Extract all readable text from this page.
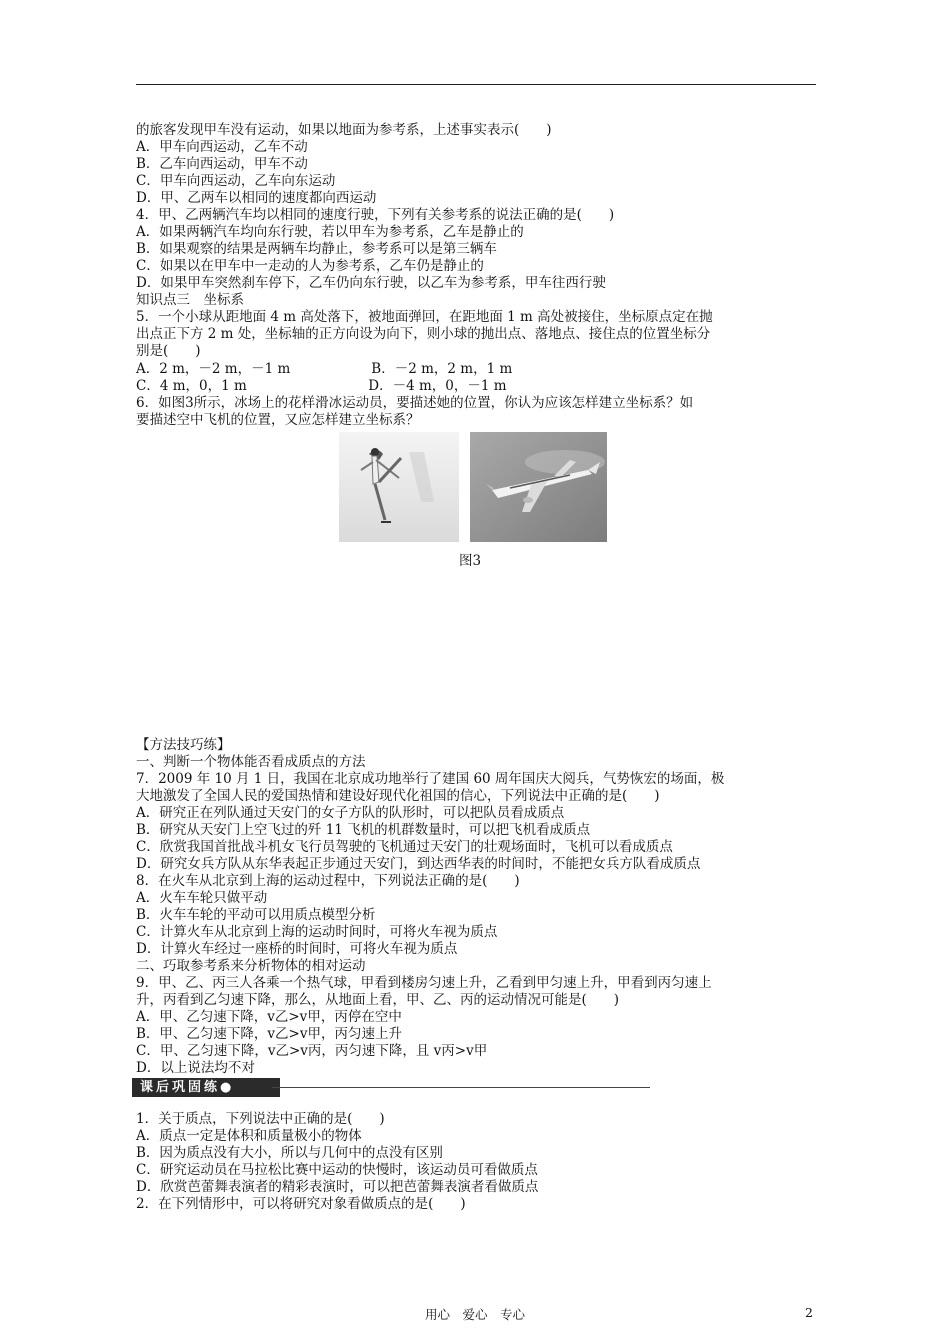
的旅客发现甲车没有运动，如果以地面为参考系，上述事实表示(　　)
A．甲车向西运动，乙车不动
B．乙车向西运动，甲车不动
C．甲车向西运动，乙车向东运动
D．甲、乙两车以相同的速度都向西运动
4．甲、乙两辆汽车均以相同的速度行驶，下列有关参考系的说法正确的是(　　)
A．如果两辆汽车均向东行驶，若以甲车为参考系，乙车是静止的
B．如果观察的结果是两辆车均静止，参考系可以是第三辆车
C．如果以在甲车中一走动的人为参考系，乙车仍是静止的
D．如果甲车突然刹车停下，乙车仍向东行驶，以乙车为参考系，甲车往西行驶
知识点三　坐标系
5．一个小球从距地面 4 m 高处落下，被地面弹回，在距地面 1 m 高处被接住，坐标原点定在抛
出点正下方 2 m 处，坐标轴的正方向设为向下，则小球的抛出点、落地点、接住点的位置坐标分
别是(　　)
A．2 m，－2 m，－1 m　　　　　　B．－2 m，2 m，1 m
C．4 m，0，1 m　　　　　　　　　D．－4 m，0，－1 m
6．如图3所示，冰场上的花样滑冰运动员，要描述她的位置，你认为应该怎样建立坐标系？如
要描述空中飞机的位置，又应怎样建立坐标系？
图3
【方法技巧练】
一、判断一个物体能否看成质点的方法
7．2009 年 10 月 1 日，我国在北京成功地举行了建国 60 周年国庆大阅兵，气势恢宏的场面，极
大地激发了全国人民的爱国热情和建设好现代化祖国的信心，下列说法中正确的是(　　)
A．研究正在列队通过天安门的女子方队的队形时，可以把队员看成质点
B．研究从天安门上空飞过的歼 11 飞机的机群数量时，可以把飞机看成质点
C．欣赏我国首批战斗机女飞行员驾驶的飞机通过天安门的壮观场面时，飞机可以看成质点
D．研究女兵方队从东华表起正步通过天安门，到达西华表的时间时，不能把女兵方队看成质点
8．在火车从北京到上海的运动过程中，下列说法正确的是(　　)
A．火车车轮只做平动
B．火车车轮的平动可以用质点模型分析
C．计算火车从北京到上海的运动时间时，可将火车视为质点
D．计算火车经过一座桥的时间时，可将火车视为质点
二、巧取参考系来分析物体的相对运动
9．甲、乙、丙三人各乘一个热气球，甲看到楼房匀速上升，乙看到甲匀速上升，甲看到丙匀速上
升，丙看到乙匀速下降，那么，从地面上看，甲、乙、丙的运动情况可能是(　　)
A．甲、乙匀速下降，v乙>v甲，丙停在空中
B．甲、乙匀速下降，v乙>v甲，丙匀速上升
C．甲、乙匀速下降，v乙>v丙，丙匀速下降，且 v丙>v甲
D．以上说法均不对
课后巩固练●
1．关于质点，下列说法中正确的是(　　)
A．质点一定是体积和质量极小的物体
B．因为质点没有大小，所以与几何中的点没有区别
C．研究运动员在马拉松比赛中运动的快慢时，该运动员可看做质点
D．欣赏芭蕾舞表演者的精彩表演时，可以把芭蕾舞表演者看做质点
2．在下列情形中，可以将研究对象看做质点的是(　　)
用心　爱心　专心	2
